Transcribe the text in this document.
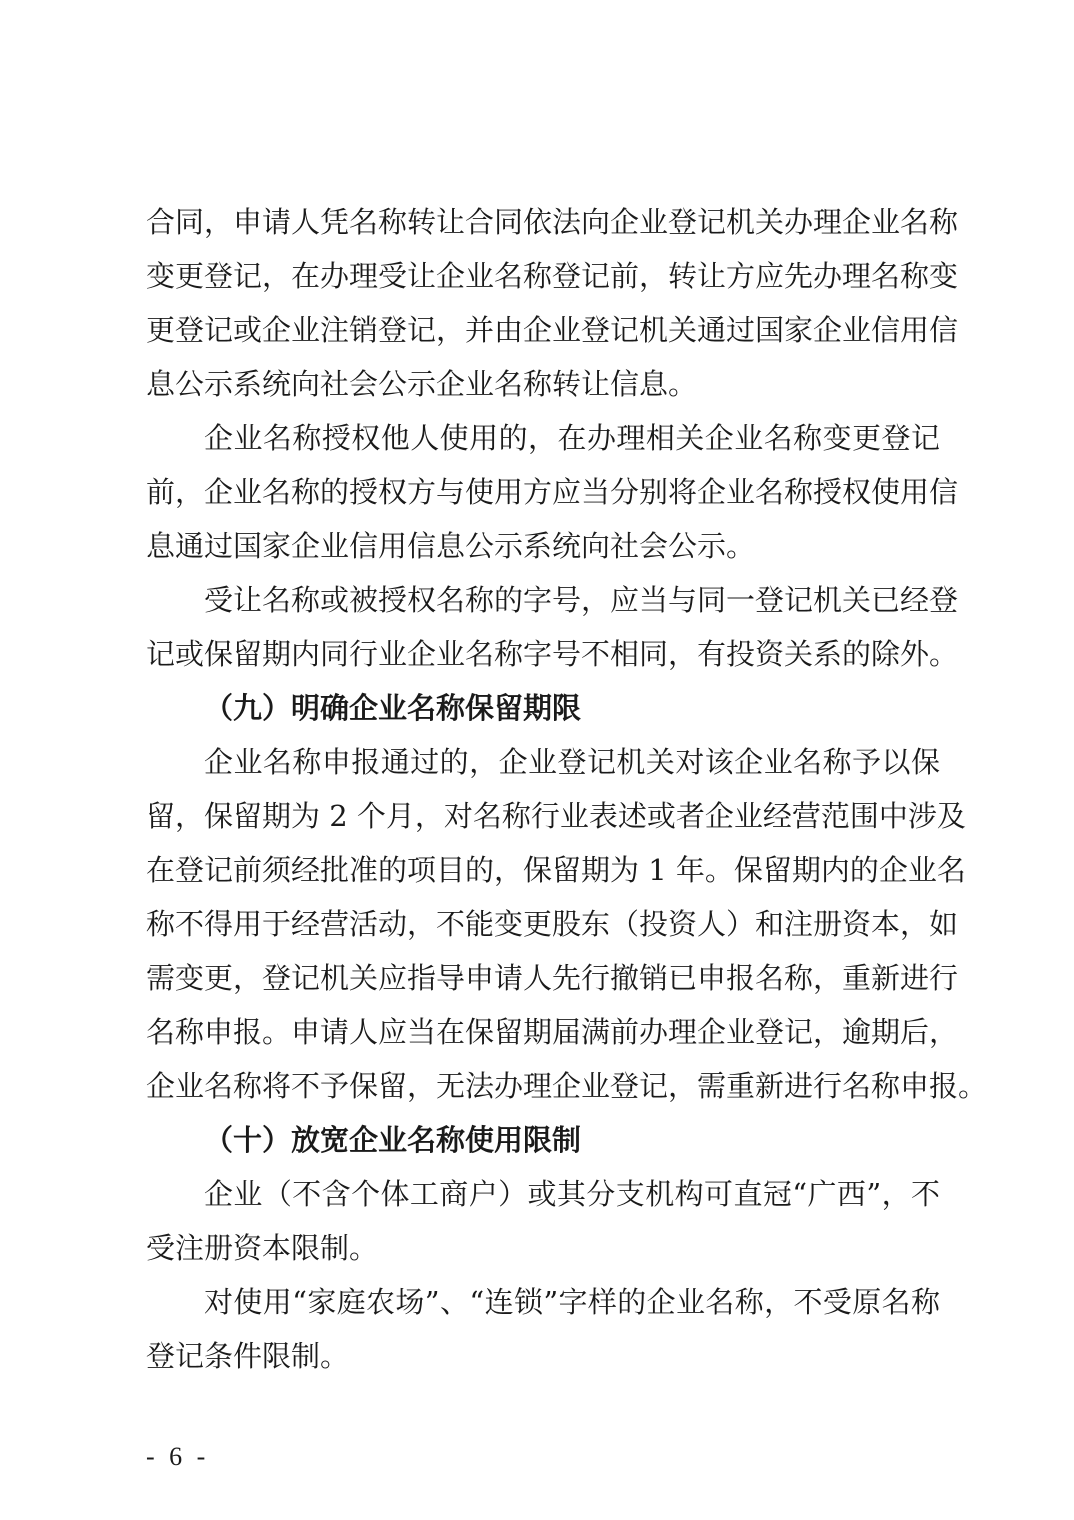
合同，申请人凭名称转让合同依法向企业登记机关办理企业名称
变更登记，在办理受让企业名称登记前，转让方应先办理名称变
更登记或企业注销登记，并由企业登记机关通过国家企业信用信
息公示系统向社会公示企业名称转让信息。
企业名称授权他人使用的，在办理相关企业名称变更登记
前，企业名称的授权方与使用方应当分别将企业名称授权使用信
息通过国家企业信用信息公示系统向社会公示。
受让名称或被授权名称的字号，应当与同一登记机关已经登
记或保留期内同行业企业名称字号不相同，有投资关系的除外。
（九）明确企业名称保留期限
企业名称申报通过的，企业登记机关对该企业名称予以保
留，保留期为 2 个月，对名称行业表述或者企业经营范围中涉及
在登记前须经批准的项目的，保留期为 1 年。保留期内的企业名
称不得用于经营活动，不能变更股东（投资人）和注册资本，如
需变更，登记机关应指导申请人先行撤销已申报名称，重新进行
名称申报。申请人应当在保留期届满前办理企业登记，逾期后，
企业名称将不予保留，无法办理企业登记，需重新进行名称申报。
（十）放宽企业名称使用限制
企业（不含个体工商户）或其分支机构可直冠“广西”，不
受注册资本限制。
对使用“家庭农场”、“连锁”字样的企业名称，不受原名称
登记条件限制。
- 6 -
